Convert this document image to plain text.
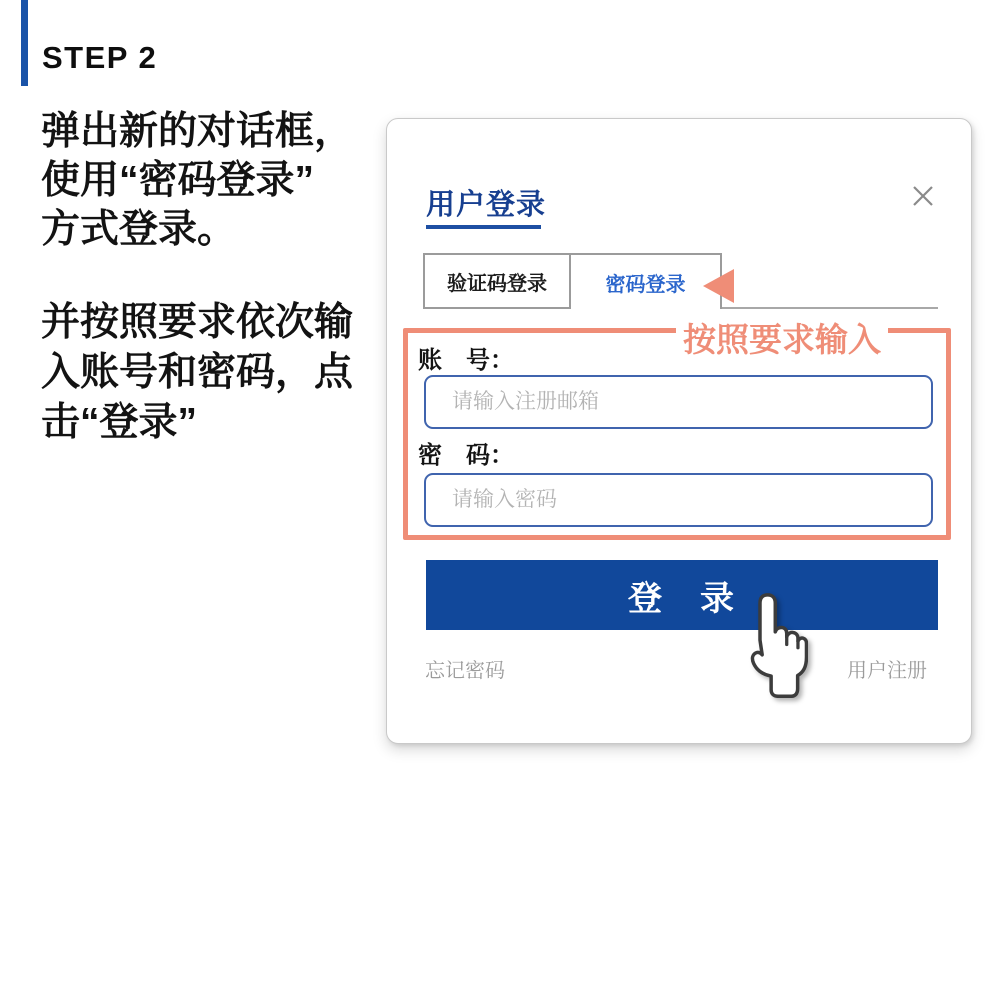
STEP 2
弹出新的对话框，
使用“密码登录”
方式登录。
并按照要求依次输
入账号和密码，点
击“登录”
用户登录
验证码登录	密码登录
按照要求输入
账　号：
请输入注册邮箱
密　码：
请输入密码
登　录
忘记密码	用户注册
